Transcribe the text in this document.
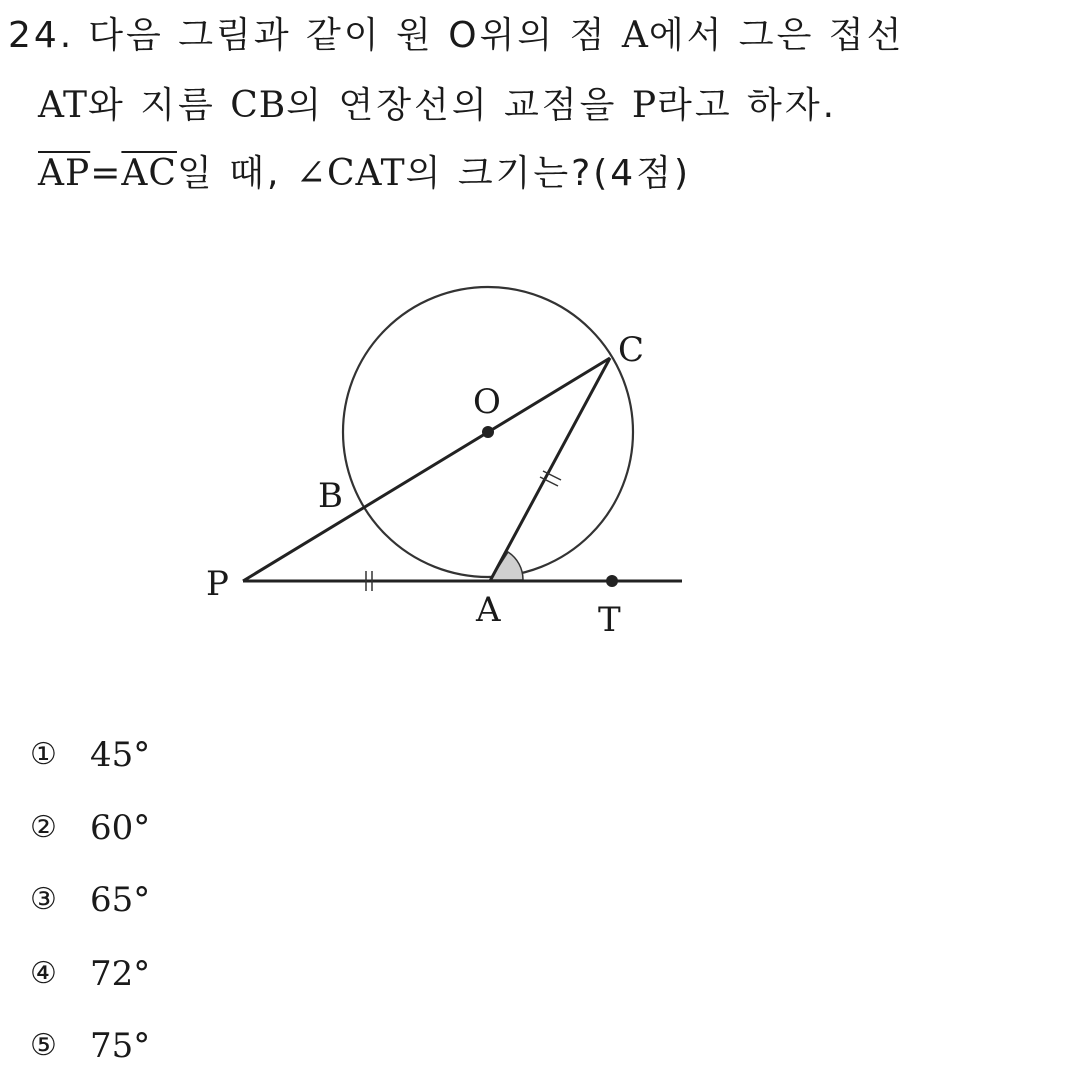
24. 다음 그림과 같이 원 O위의 점 A에서 그은 접선
AT와 지름 CB의 연장선의 교점을 P라고 하자.
$\overline{AP}=\overline{AC}$일 때, ∠CAT의 크기는?(4점)
C
O
B
P
A	T
① 45°
② 60°
③ 65°
④ 72°
⑤ 75°
